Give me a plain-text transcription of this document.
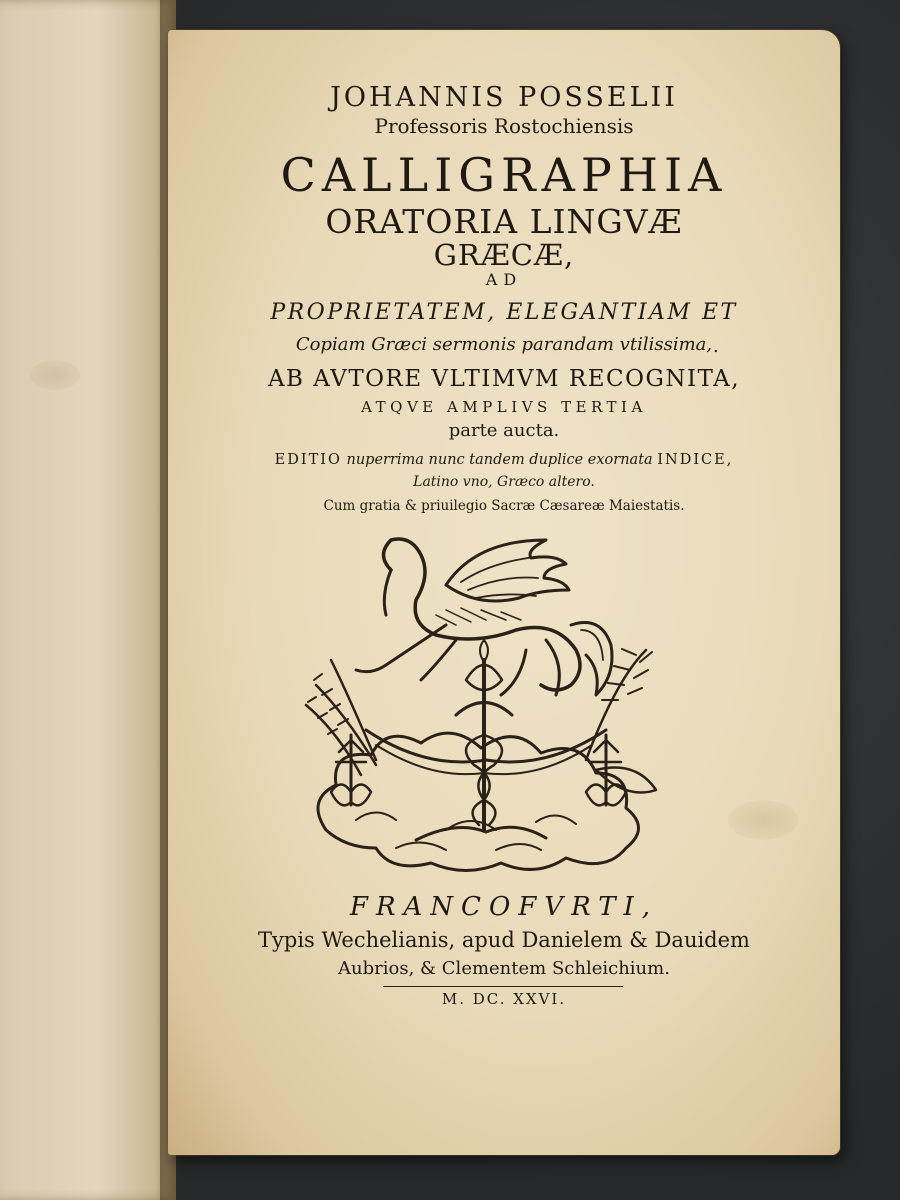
JOHANNIS POSSELII
Professoris Rostochiensis
CALLIGRAPHIA
ORATORIA LINGVÆ
GRÆCÆ,
AD
PROPRIETATEM, ELEGANTIAM ET
Copiam Græci sermonis parandam vtilissima, .
AB AVTORE VLTIMVM RECOGNITA,
ATQVE AMPLIVS TERTIA
parte aucta.
EDITIO nuperrima nunc tandem duplice exornata INDICE,
Latino vno, Græco altero.
Cum gratia & priuilegio Sacræ Cæsareæ Maiestatis.
FRANCOFVRTI,
Typis Wechelianis, apud Danielem & Dauidem
Aubrios, & Clementem Schleichium.
M. DC. XXVI.
